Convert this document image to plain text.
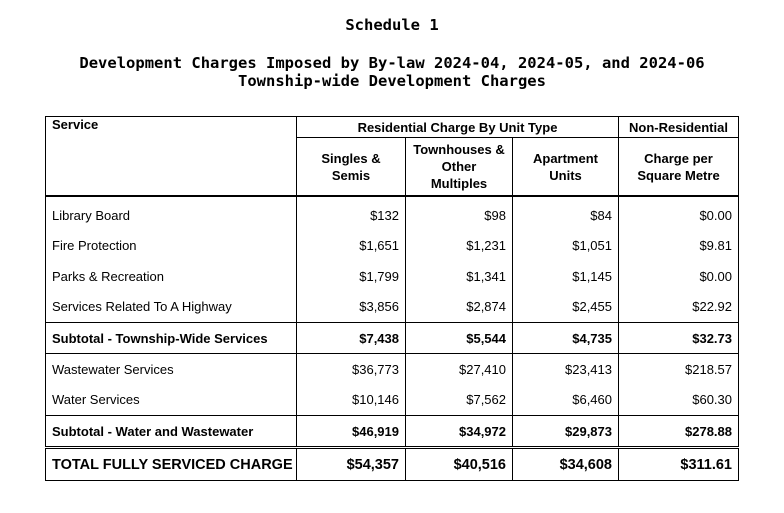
Schedule 1
Development Charges Imposed by By-law 2024-04, 2024-05, and 2024-06
Township-wide Development Charges
Service	Residential Charge By Unit Type			Non-Residential
	Singles & Semis	Townhouses & Other Multiples	Apartment Units	Charge per Square Metre
Library Board	$132	$98	$84	$0.00
Fire Protection	$1,651	$1,231	$1,051	$9.81
Parks & Recreation	$1,799	$1,341	$1,145	$0.00
Services Related To A Highway	$3,856	$2,874	$2,455	$22.92
Subtotal - Township-Wide Services	$7,438	$5,544	$4,735	$32.73
Wastewater Services	$36,773	$27,410	$23,413	$218.57
Water Services	$10,146	$7,562	$6,460	$60.30
Subtotal - Water and Wastewater	$46,919	$34,972	$29,873	$278.88
TOTAL FULLY SERVICED CHARGE	$54,357	$40,516	$34,608	$311.61
